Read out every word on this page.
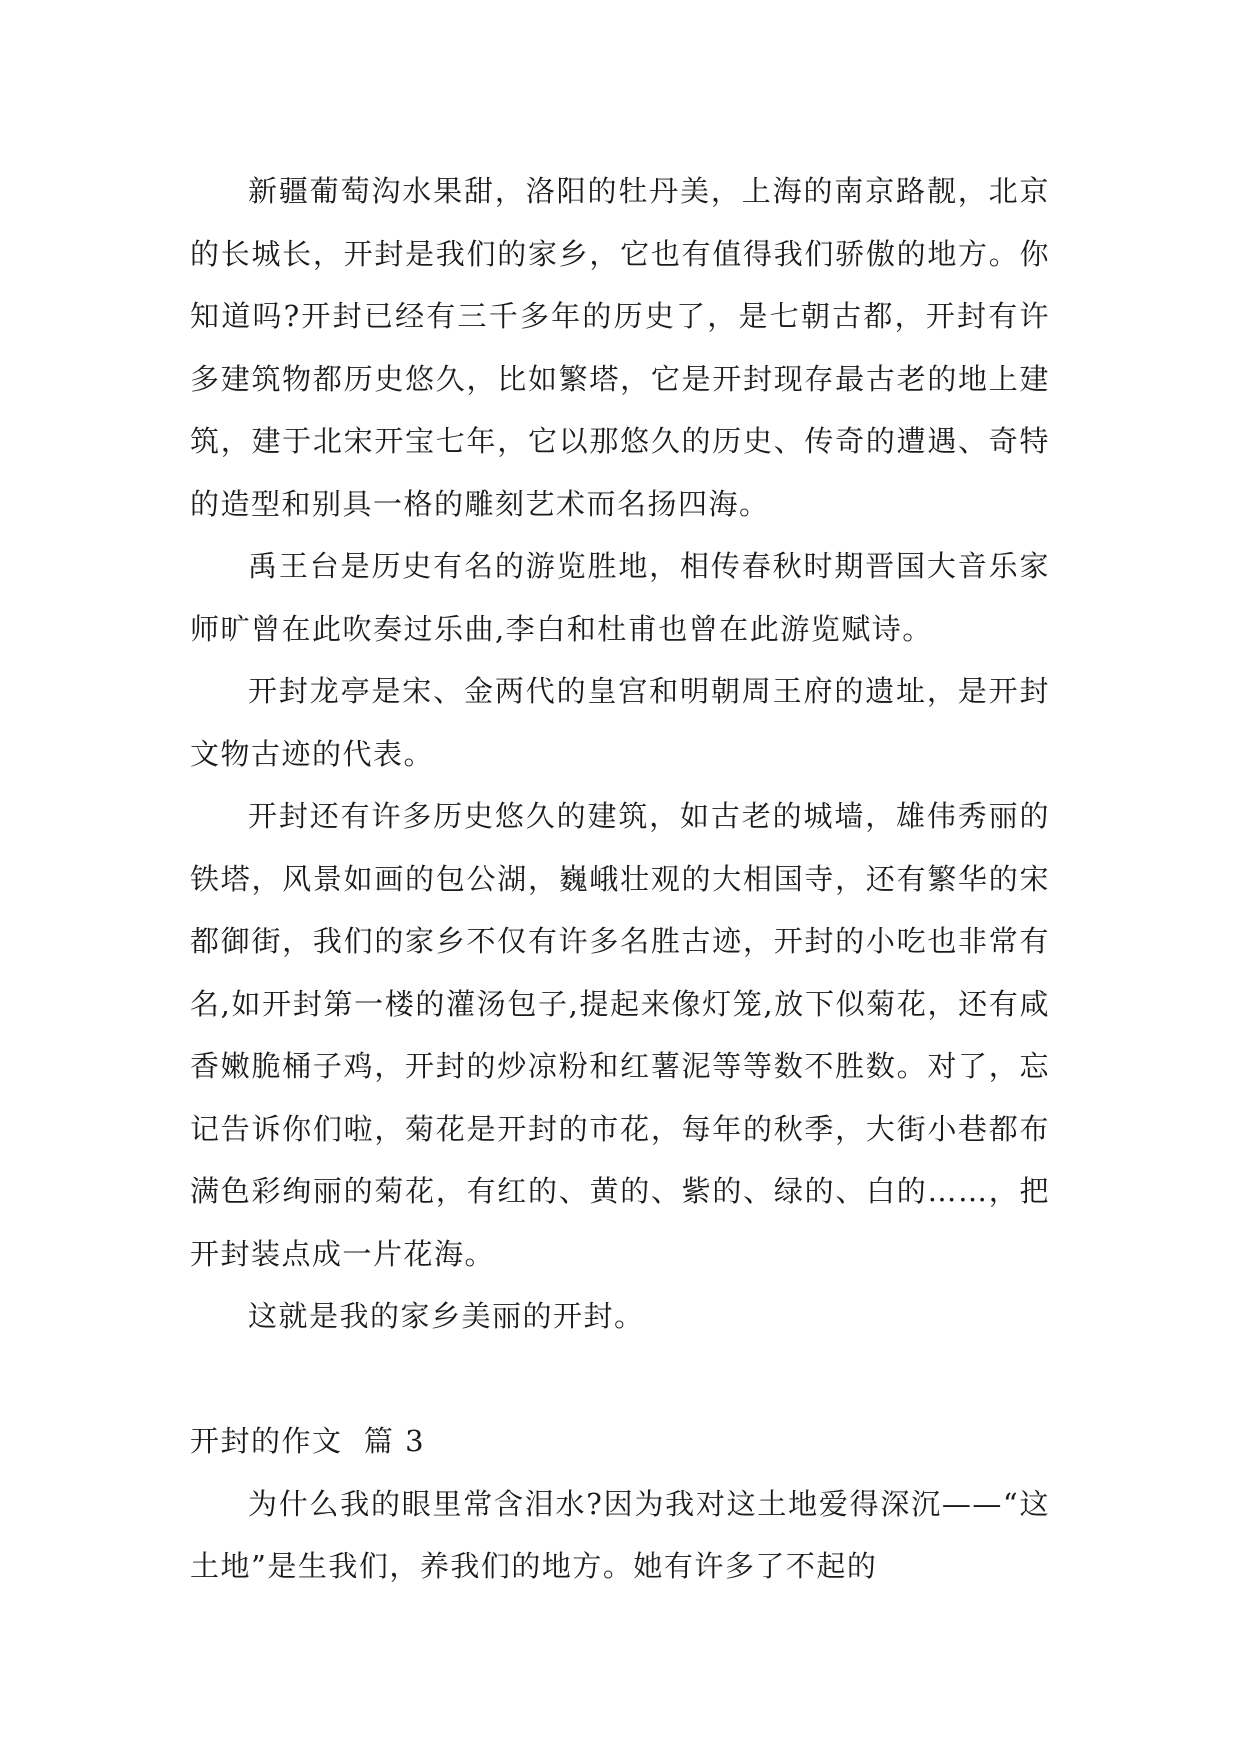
新疆葡萄沟水果甜，洛阳的牡丹美，上海的南京路靓，北京的长城长，开封是我们的家乡，它也有值得我们骄傲的地方。你知道吗?开封已经有三千多年的历史了，是七朝古都，开封有许多建筑物都历史悠久，比如繁塔，它是开封现存最古老的地上建筑，建于北宋开宝七年，它以那悠久的历史、传奇的遭遇、奇特的造型和别具一格的雕刻艺术而名扬四海。

禹王台是历史有名的游览胜地，相传春秋时期晋国大音乐家师旷曾在此吹奏过乐曲,李白和杜甫也曾在此游览赋诗。

开封龙亭是宋、金两代的皇宫和明朝周王府的遗址，是开封文物古迹的代表。

开封还有许多历史悠久的建筑，如古老的城墙，雄伟秀丽的铁塔，风景如画的包公湖，巍峨壮观的大相国寺，还有繁华的宋都御街，我们的家乡不仅有许多名胜古迹，开封的小吃也非常有名,如开封第一楼的灌汤包子,提起来像灯笼,放下似菊花，还有咸香嫩脆桶子鸡，开封的炒凉粉和红薯泥等等数不胜数。对了，忘记告诉你们啦，菊花是开封的市花，每年的秋季，大街小巷都布满色彩绚丽的菊花，有红的、黄的、紫的、绿的、白的……，把开封装点成一片花海。

这就是我的家乡美丽的开封。

开封的作文  篇 3

为什么我的眼里常含泪水?因为我对这土地爱得深沉——“这土地”是生我们，养我们的地方。她有许多了不起的
